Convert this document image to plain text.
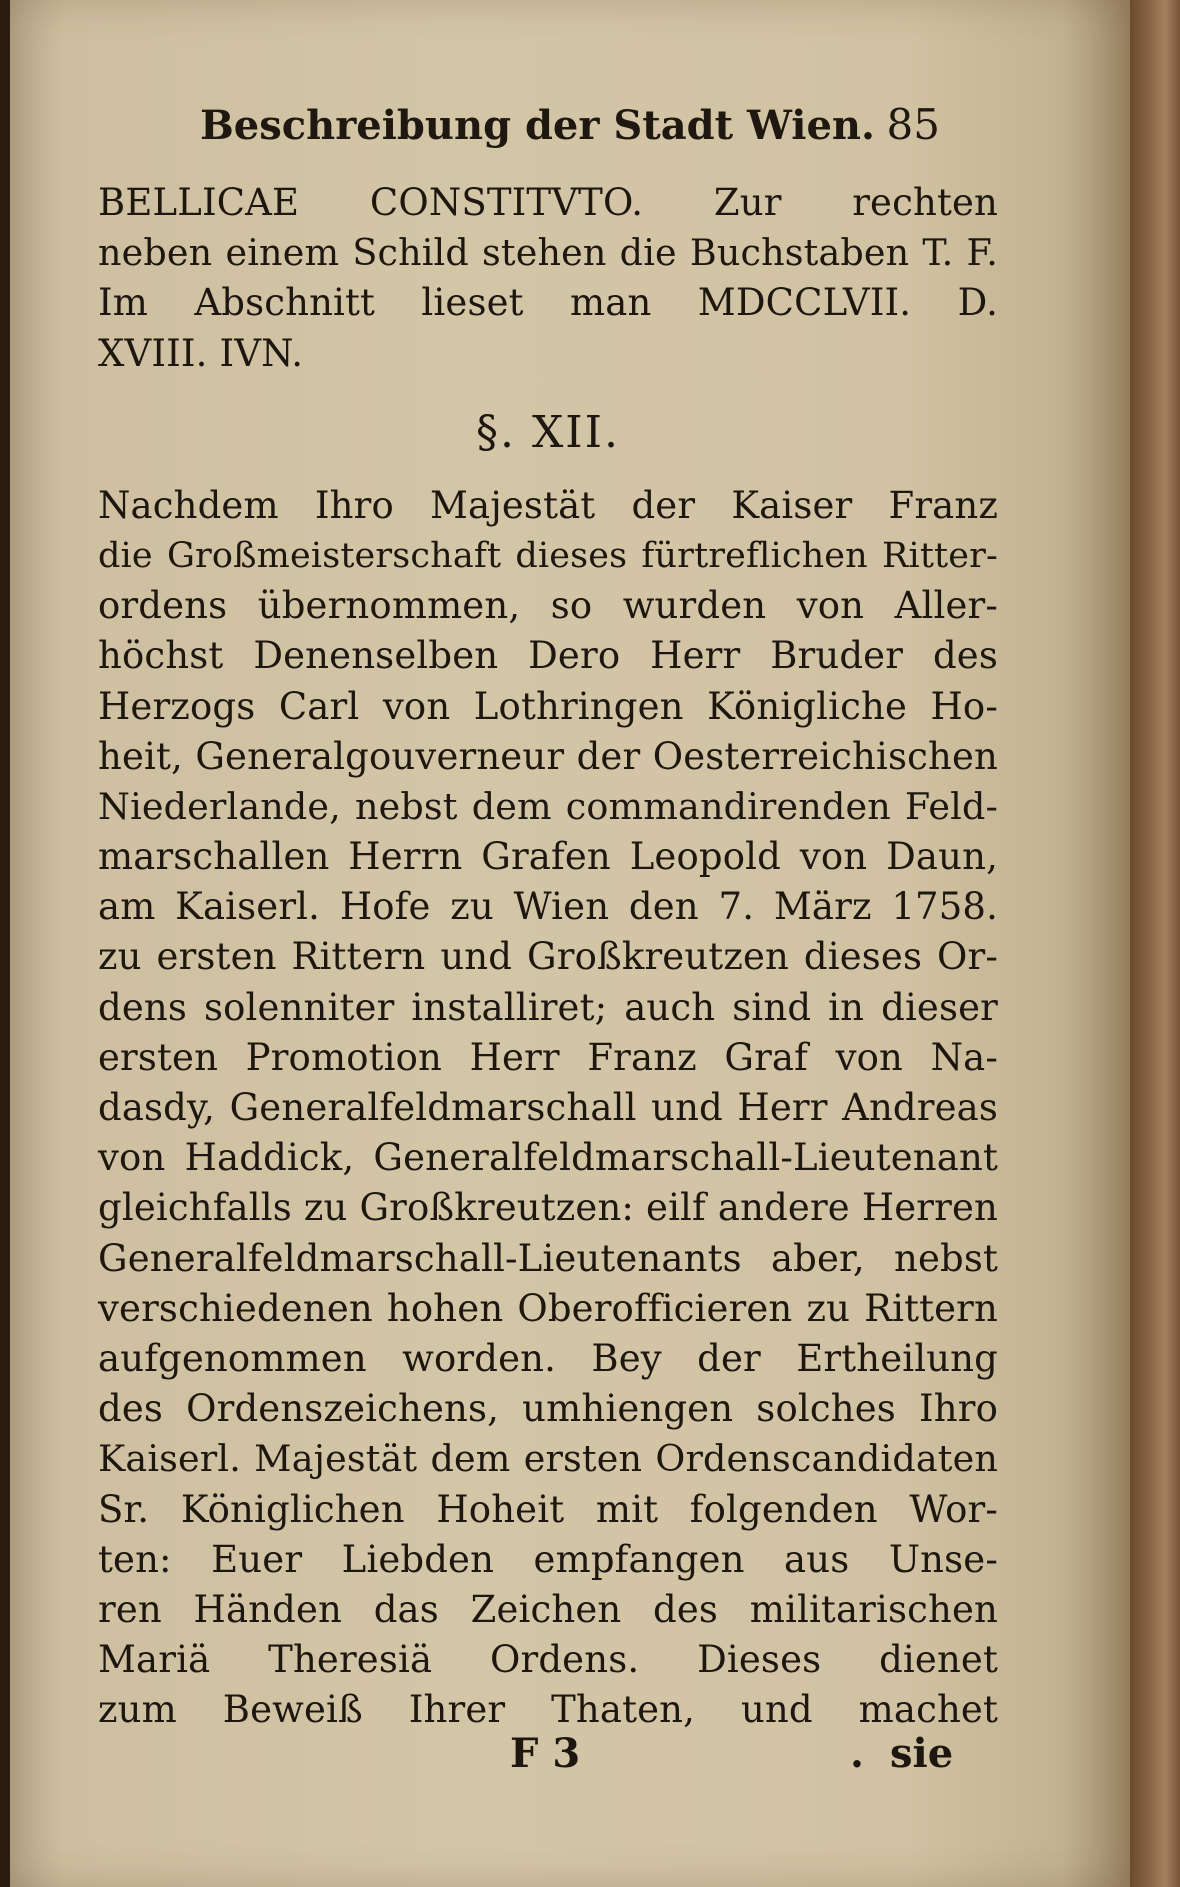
Beschreibung der Stadt Wien. 85
BELLICAE CONSTITVTO. Zur rechten
neben einem Schild stehen die Buchstaben T. F.
Im Abschnitt lieset man MDCCLVII. D.
XVIII. IVN.
§. XII.
Nachdem Ihro Majestät der Kaiser Franz
die Großmeisterschaft dieses fürtreflichen Ritter-
ordens übernommen, so wurden von Aller-
höchst Denenselben Dero Herr Bruder des
Herzogs Carl von Lothringen Königliche Ho-
heit, Generalgouverneur der Oesterreichischen
Niederlande, nebst dem commandirenden Feld-
marschallen Herrn Grafen Leopold von Daun,
am Kaiserl. Hofe zu Wien den 7. März 1758.
zu ersten Rittern und Großkreutzen dieses Or-
dens solenniter installiret; auch sind in dieser
ersten Promotion Herr Franz Graf von Na-
dasdy, Generalfeldmarschall und Herr Andreas
von Haddick, Generalfeldmarschall-Lieutenant
gleichfalls zu Großkreutzen: eilf andere Herren
Generalfeldmarschall-Lieutenants aber, nebst
verschiedenen hohen Oberofficieren zu Rittern
aufgenommen worden. Bey der Ertheilung
des Ordenszeichens, umhiengen solches Ihro
Kaiserl. Majestät dem ersten Ordenscandidaten
Sr. Königlichen Hoheit mit folgenden Wor-
ten: Euer Liebden empfangen aus Unse-
ren Händen das Zeichen des militarischen
Mariä Theresiä Ordens. Dieses dienet
zum Beweiß Ihrer Thaten, und machet
F 3	. sie
